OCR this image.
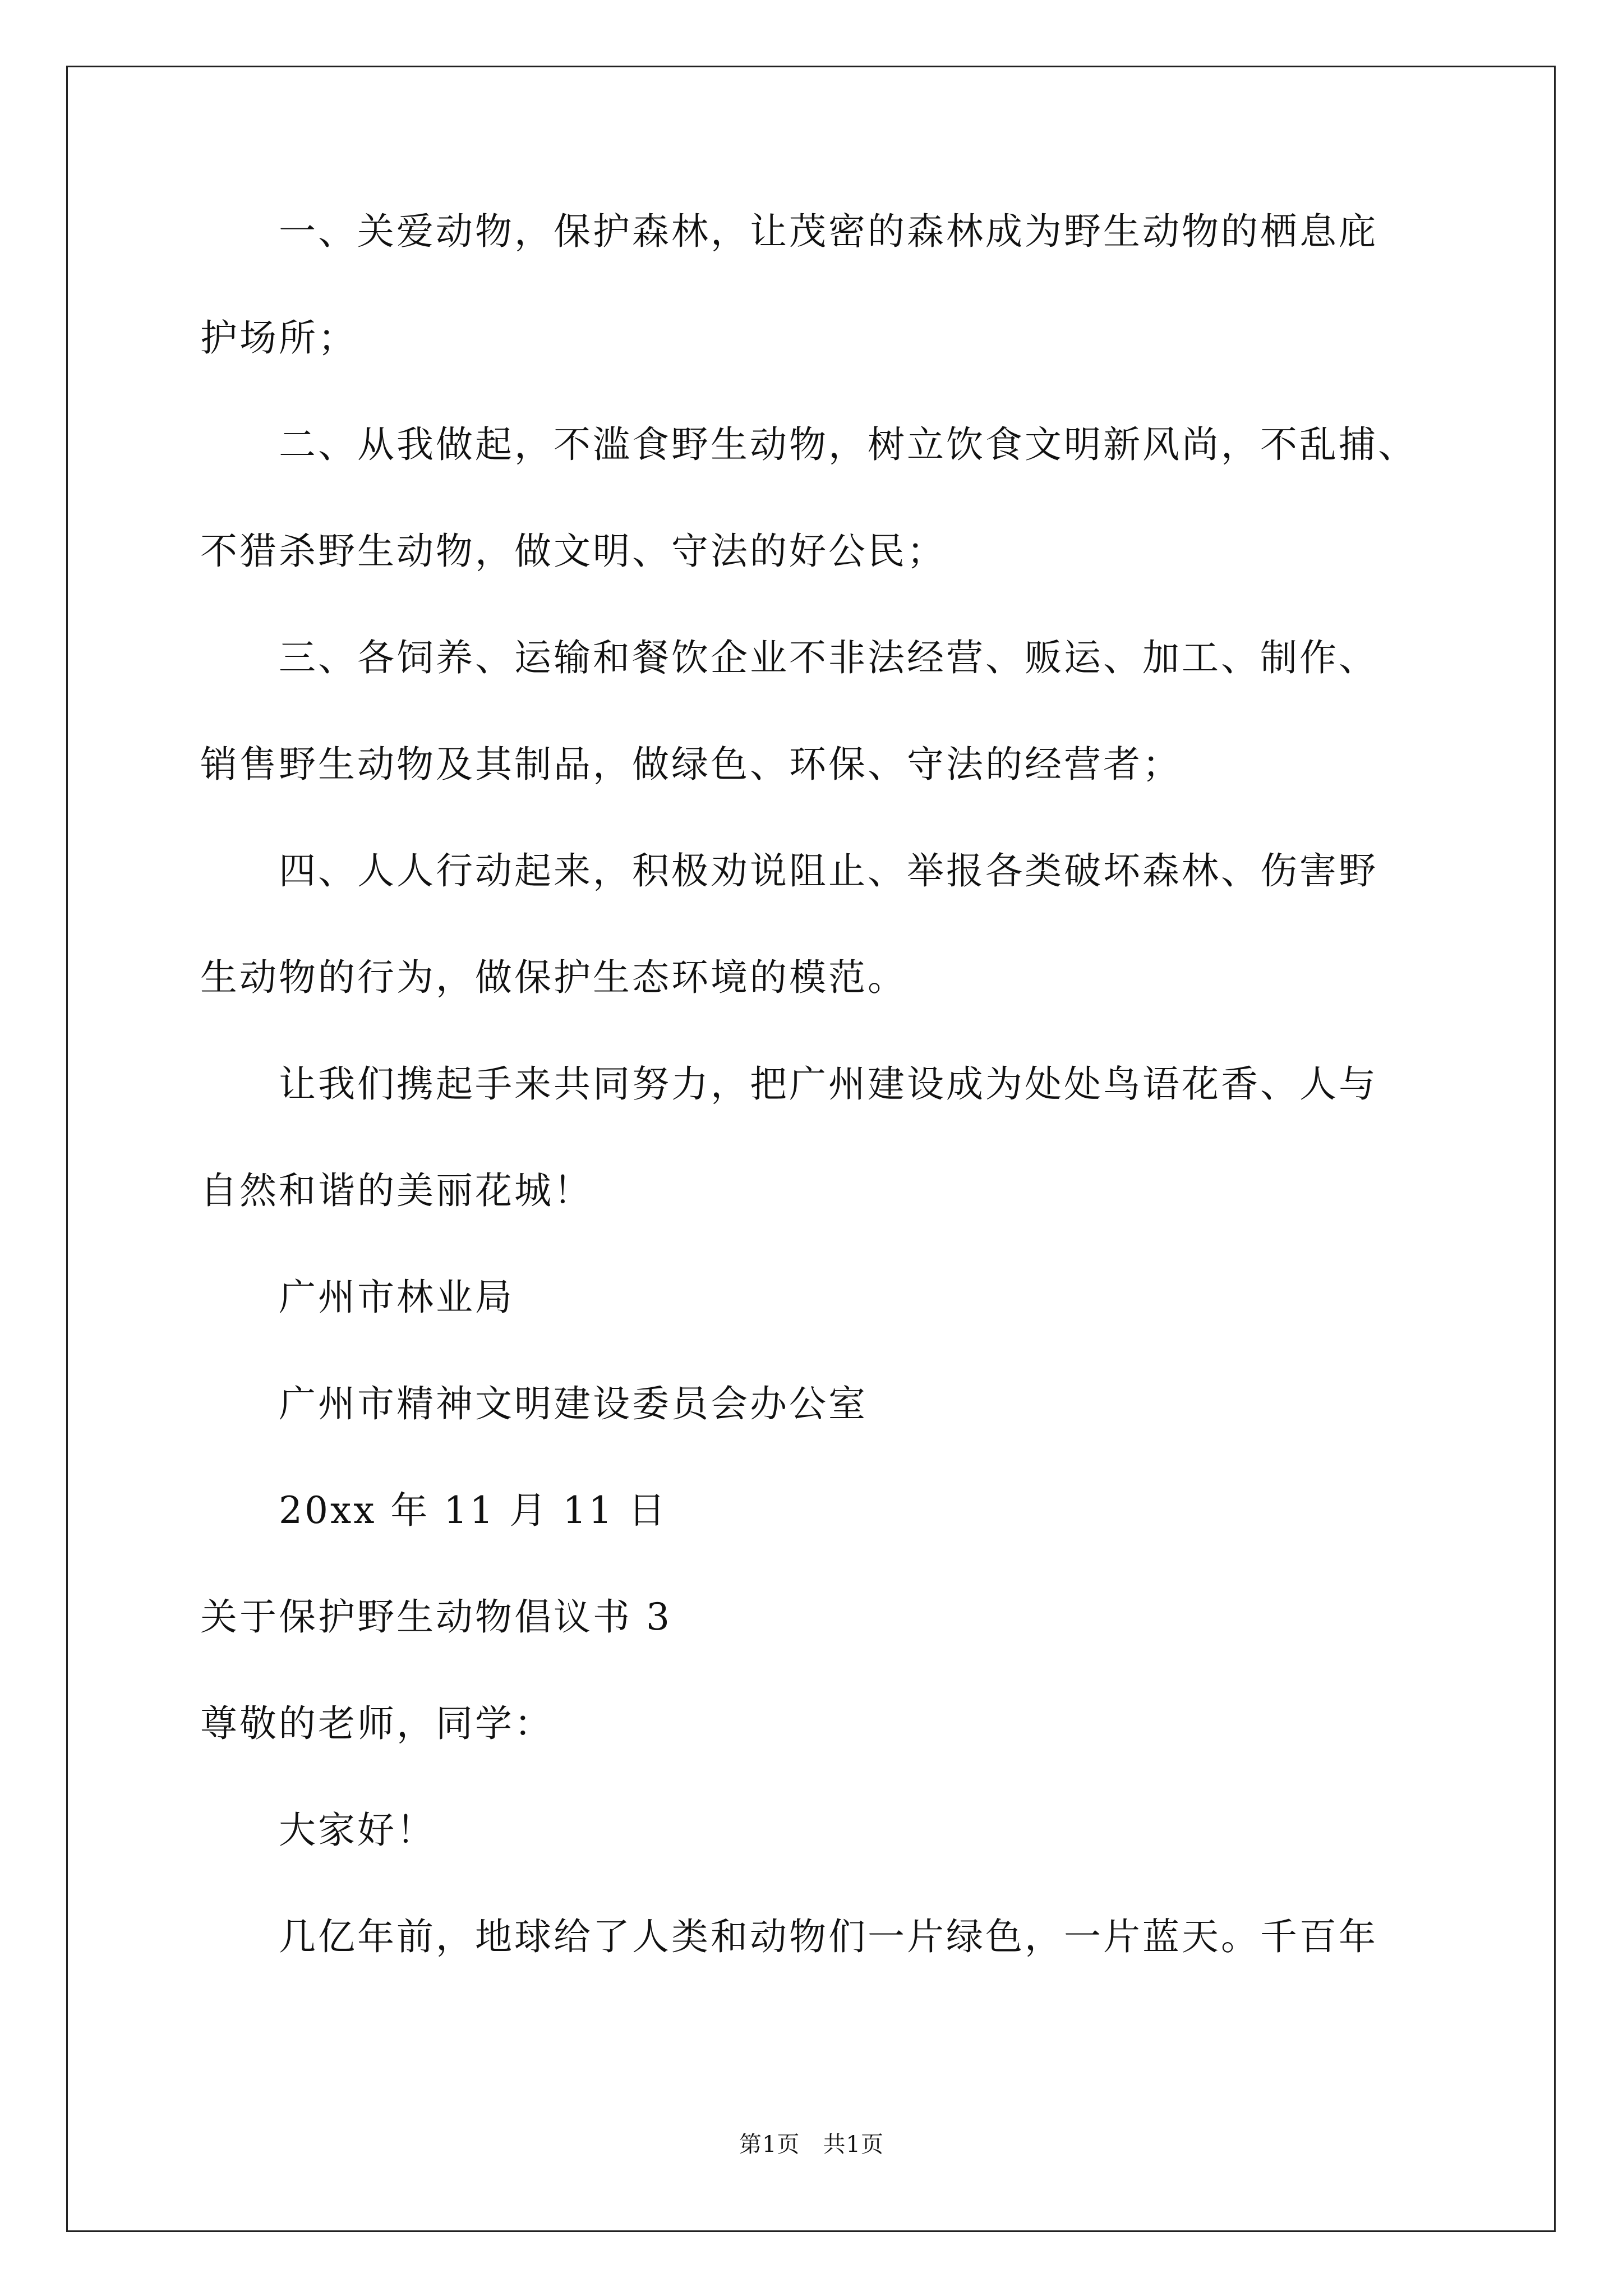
一、关爱动物，保护森林，让茂密的森林成为野生动物的栖息庇
护场所；
二、从我做起，不滥食野生动物，树立饮食文明新风尚，不乱捕、
不猎杀野生动物，做文明、守法的好公民；
三、各饲养、运输和餐饮企业不非法经营、贩运、加工、制作、
销售野生动物及其制品，做绿色、环保、守法的经营者；
四、人人行动起来，积极劝说阻止、举报各类破坏森林、伤害野
生动物的行为，做保护生态环境的模范。
让我们携起手来共同努力，把广州建设成为处处鸟语花香、人与
自然和谐的美丽花城！
广州市林业局
广州市精神文明建设委员会办公室
20xx 年 11 月 11 日
关于保护野生动物倡议书 3
尊敬的老师，同学：
大家好！
几亿年前，地球给了人类和动物们一片绿色，一片蓝天。千百年
第1页   共1页
